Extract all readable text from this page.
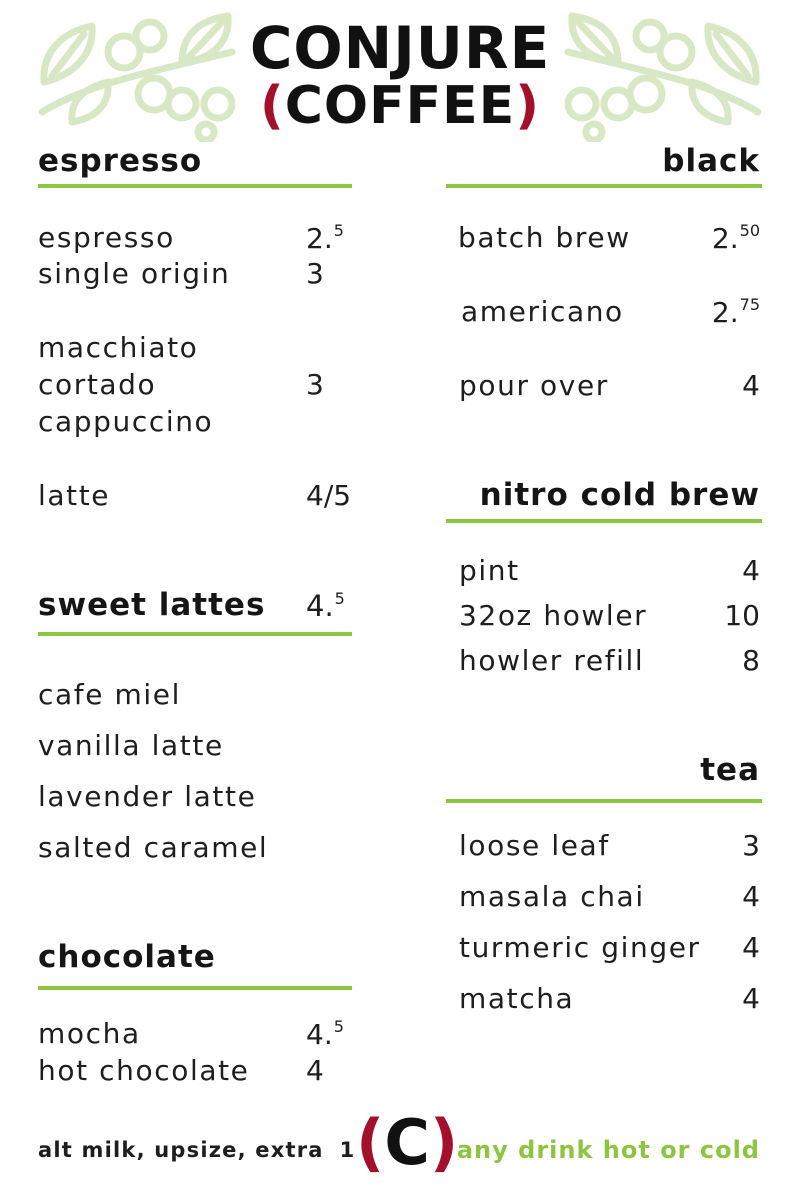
CONJURE
(COFFEE)
espresso
espresso	2.$^5$
single origin	3
macchiato
cortado	3
cappuccino
latte	4/5
sweet lattes 4.$^5$
cafe miel
vanilla latte
lavender latte
salted caramel
chocolate
mocha	4.$^5$
hot chocolate 4
black
batch brew	2.50
americano	2.75
pour over	4
nitro cold brew
pint	4
32oz howler	10
howler refill	8
tea
loose leaf	3
masala chai	4
turmeric ginger 4
matcha	4
alt milk, upsize, extra 1 (C)
any drink hot or cold
